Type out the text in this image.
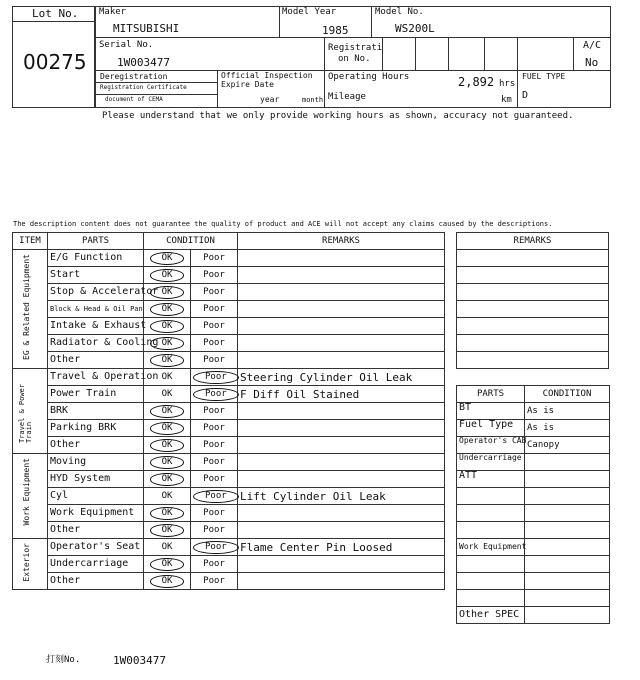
Lot No.
00275
Maker
MITSUBISHI
Model Year
1985
Model No.
WS200L
Serial No.
1W003477
Registrati
on No.
A/C
No
Deregistration
Registration Certificate
document of CEMA
Official Inspection
Expire Date
year	month
Operating Hours	2,892 hrs
Mileage	km
FUEL TYPE
D
Please understand that we only provide working hours as shown, accuracy not guaranteed.
The description content does not guarantee the quality of product and ACE will not accept any claims caused by the descriptions.
ITEM	PARTS	CONDITION		REMARKS

EG & Related Equipment	E/G Function	OK	Poor	
	Start	OK	Poor	
	Stop & Accelerator	OK	Poor	
	Block & Head & Oil Pan	OK	Poor	
	Intake & Exhaust	OK	Poor	
	Radiator & Cooling	OK	Poor	
	Other	OK	Poor	

Travel & Power Train	Travel & Operation	OK	Poor	Steering Cylinder Oil Leak
	Power Train	OK	Poor	F Diff Oil Stained
	BRK	OK	Poor	
	Parking BRK	OK	Poor	
	Other	OK	Poor	

Work Equipment	Moving	OK	Poor	
	HYD System	OK	Poor	
	Cyl	OK	Poor	Lift Cylinder Oil Leak
	Work Equipment	OK	Poor	
	Other	OK	Poor	

Exterior	Operator's Seat	OK	Poor	Flame Center Pin Loosed
	Undercarriage	OK	Poor	
	Other	OK	Poor	
REMARKS

PARTS	CONDITION
BT	As is
Fuel Type	As is
Operator's CAB	Canopy
Undercarriage	
ATT	

Work Equipment	

Other SPEC	
打刻No.	1W003477
